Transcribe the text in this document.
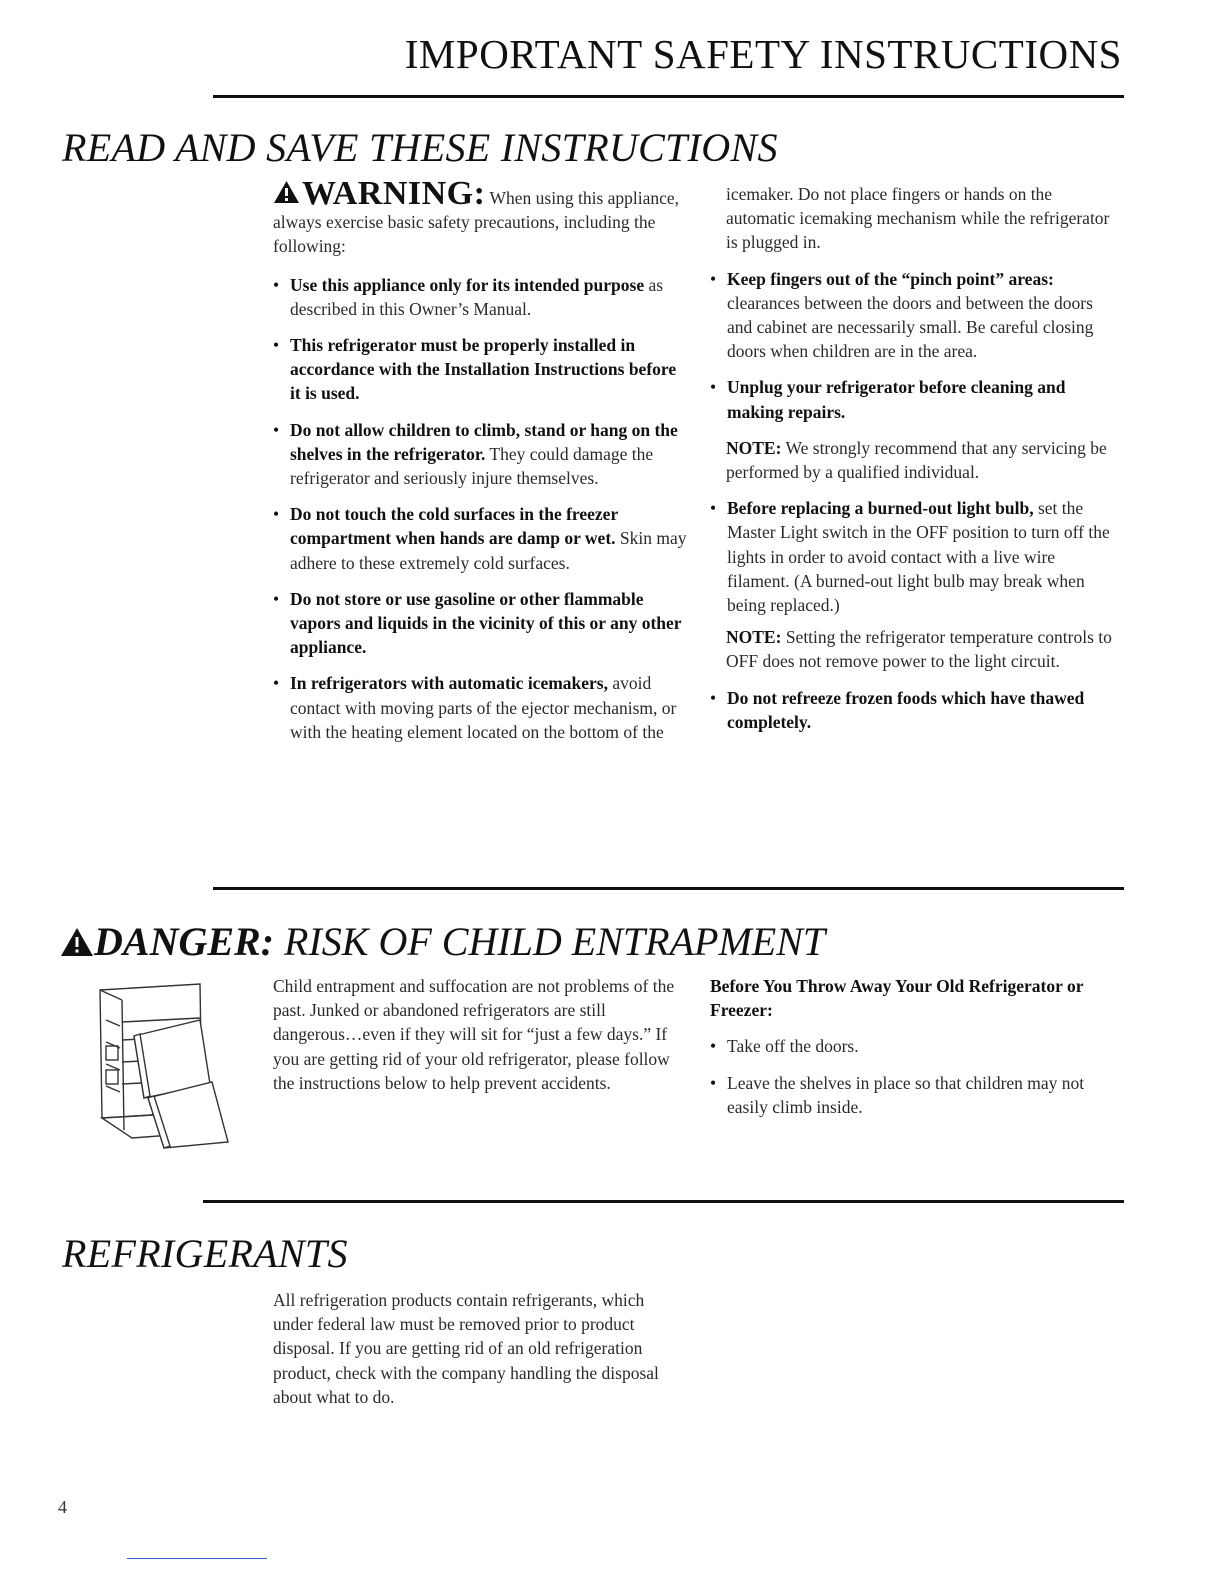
IMPORTANT SAFETY INSTRUCTIONS
READ AND SAVE THESE INSTRUCTIONS

WARNING: When using this appliance, always exercise basic safety precautions, including the following:

• Use this appliance only for its intended purpose as described in this Owner’s Manual.
• This refrigerator must be properly installed in accordance with the Installation Instructions before it is used.
• Do not allow children to climb, stand or hang on the shelves in the refrigerator. They could damage the refrigerator and seriously injure themselves.
• Do not touch the cold surfaces in the freezer compartment when hands are damp or wet. Skin may adhere to these extremely cold surfaces.
• Do not store or use gasoline or other flammable vapors and liquids in the vicinity of this or any other appliance.
• In refrigerators with automatic icemakers, avoid contact with moving parts of the ejector mechanism, or with the heating element located on the bottom of the

icemaker. Do not place fingers or hands on the automatic icemaking mechanism while the refrigerator is plugged in.

• Keep fingers out of the “pinch point” areas: clearances between the doors and between the doors and cabinet are necessarily small. Be careful closing doors when children are in the area.
• Unplug your refrigerator before cleaning and making repairs.

NOTE: We strongly recommend that any servicing be performed by a qualified individual.

• Before replacing a burned-out light bulb, set the Master Light switch in the OFF position to turn off the lights in order to avoid contact with a live wire filament. (A burned-out light bulb may break when being replaced.)

NOTE: Setting the refrigerator temperature controls to OFF does not remove power to the light circuit.

• Do not refreeze frozen foods which have thawed completely.
DANGER: RISK OF CHILD ENTRAPMENT

Child entrapment and suffocation are not problems of the past. Junked or abandoned refrigerators are still dangerous…even if they will sit for “just a few days.” If you are getting rid of your old refrigerator, please follow the instructions below to help prevent accidents.

Before You Throw Away Your Old Refrigerator or Freezer:

• Take off the doors.
• Leave the shelves in place so that children may not easily climb inside.
REFRIGERANTS

All refrigeration products contain refrigerants, which under federal law must be removed prior to product disposal. If you are getting rid of an old refrigeration product, check with the company handling the disposal about what to do.

4
